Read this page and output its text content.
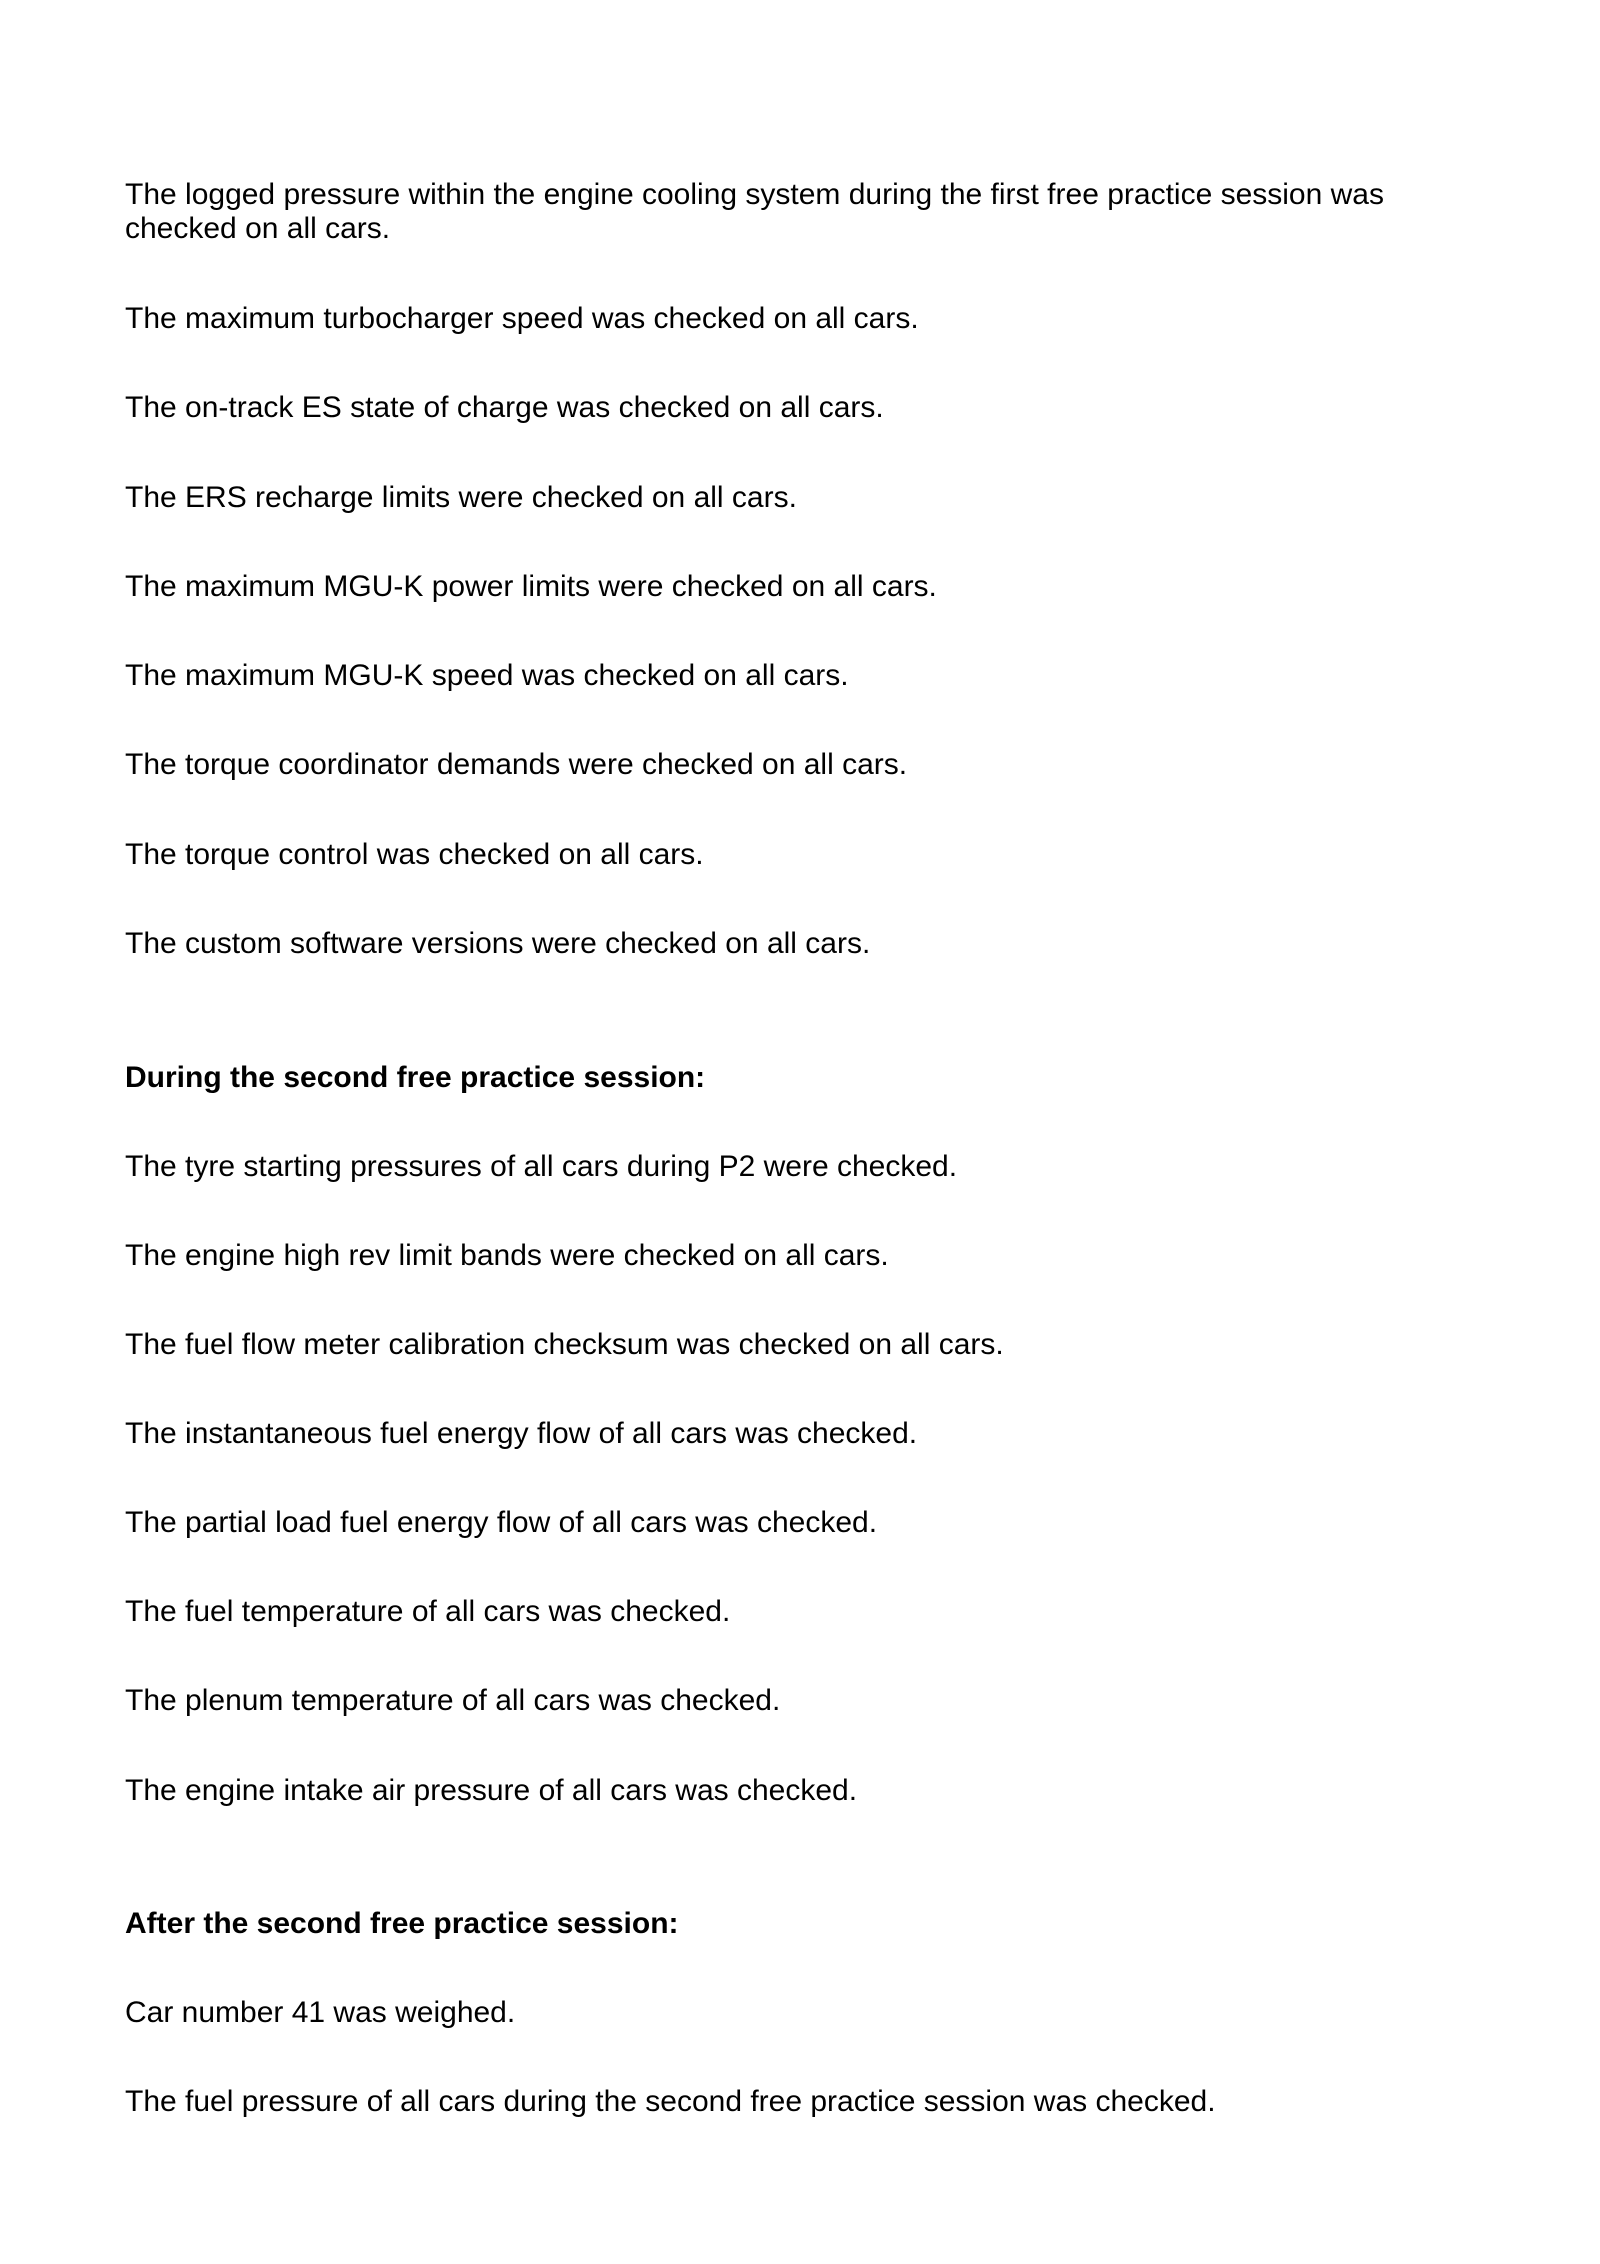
The logged pressure within the engine cooling system during the first free practice session was checked on all cars.
The maximum turbocharger speed was checked on all cars.
The on-track ES state of charge was checked on all cars.
The ERS recharge limits were checked on all cars.
The maximum MGU-K power limits were checked on all cars.
The maximum MGU-K speed was checked on all cars.
The torque coordinator demands were checked on all cars.
The torque control was checked on all cars.
The custom software versions were checked on all cars.
During the second free practice session:
The tyre starting pressures of all cars during P2 were checked.
The engine high rev limit bands were checked on all cars.
The fuel flow meter calibration checksum was checked on all cars.
The instantaneous fuel energy flow of all cars was checked.
The partial load fuel energy flow of all cars was checked.
The fuel temperature of all cars was checked.
The plenum temperature of all cars was checked.
The engine intake air pressure of all cars was checked.
After the second free practice session:
Car number 41 was weighed.
The fuel pressure of all cars during the second free practice session was checked.
